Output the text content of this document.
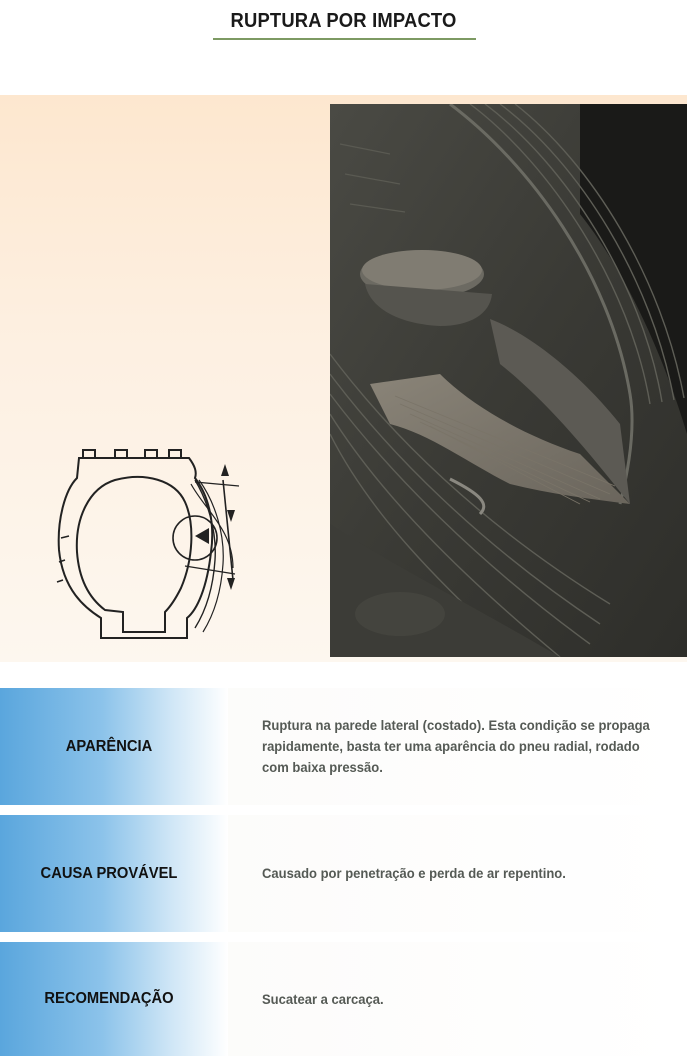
RUPTURA POR IMPACTO
APARÊNCIA
Ruptura na parede lateral (costado). Esta condição se propaga rapidamente, basta ter uma aparência do pneu radial, rodado com baixa pressão.
CAUSA PROVÁVEL	Causado por penetração e perda de ar repentino.
RECOMENDAÇÃO	Sucatear a carcaça.
